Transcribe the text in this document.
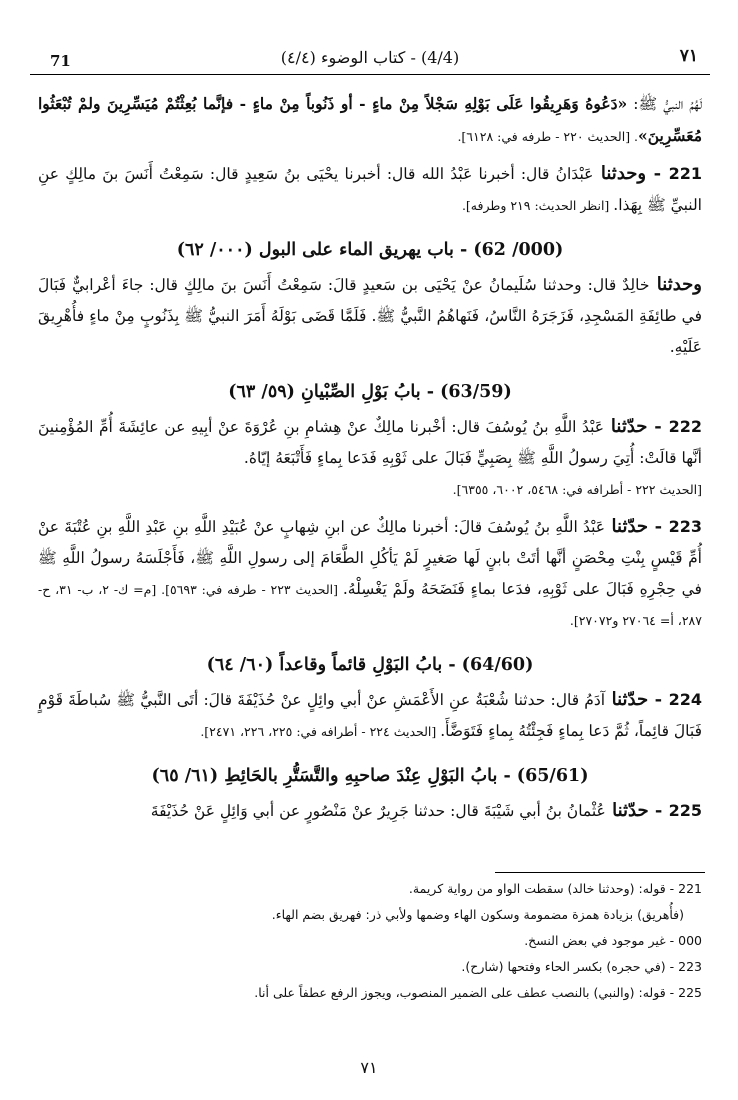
71	(4/4) - كتاب الوضوء (٤/٤)	٧١

لَهُمُ النبيُّ ﷺ: «دَعُوهُ وَهَرِيقُوا عَلَى بَوْلِهِ سَجْلاً مِنْ ماءٍ - أو ذَنُوباً مِنْ ماءٍ - فإنَّما بُعِثْتُمْ مُيَسِّرِينَ ولمْ تُبْعَثُوا مُعَسِّرِينَ». [الحديث ٢٢٠ - طرفه في: ٦١٢٨].

221 - وحدثنا عَبْدَانُ قال: أخبرنا عَبْدُ الله قال: أخبرنا يحْيَى بنُ سَعِيدٍ قال: سَمِعْتُ أَنَسَ بنَ مالِكٍ عنِ النبيِّ ﷺ بِهَذا. [انظر الحديث: ٢١٩ وطرفه].

(000/ 62) - باب يهريق الماء على البول (٠٠٠/ ٦٢)

وحدثنا خالِدٌ قال: وحدثنا سُلَيمانُ عنْ يَحْيَى بن سَعيدٍ قالَ: سَمِعْتُ أَنَسَ بنَ مالِكٍ قال: جاءَ أعْرابيٌّ فَبَالَ في طائِفَةِ المَسْجِدِ، فَزَجَرَهُ النَّاسُ، فَنَهاهُمُ النَّبيُّ ﷺ. فَلَمَّا قَضَى بَوْلَهُ أَمَرَ النبيُّ ﷺ بِذَنُوبٍ مِنْ ماءٍ فأُهْرِيقَ عَلَيْهِ.

(63/59) - بابُ بَوْلِ الصِّبْيانِ (٥٩/ ٦٣)

222 - حدّثنا عَبْدُ اللَّهِ بنُ يُوسُفَ قال: أخْبرنا مالِكٌ عنْ هِشامِ بنِ عُرْوَةَ عنْ أبِيهِ عن عائِشَةَ أُمِّ المُؤْمِنينَ أنَّها قالَتْ: أُتِيَ رسولُ اللَّهِ ﷺ بِصَبِيٍّ فَبَالَ على ثَوْبِهِ فَدَعا بِماءٍ فَأَتْبَعَهُ إيّاهُ.

[الحديث ٢٢٢ - أطرافه في: ٥٤٦٨، ٦٠٠٢، ٦٣٥٥].

223 - حدّثنا عَبْدُ اللَّهِ بنُ يُوسُفَ قالَ: أخبرنا مالِكٌ عن ابنِ شِهابٍ عنْ عُبَيْدِ اللَّهِ بنِ عَبْدِ اللَّهِ بنِ عُتْبَةَ عنْ أُمِّ قَيْسٍ بِنْتِ مِحْصَنٍ أنَّها أتَتْ بابنٍ لَها صَغيرٍ لَمْ يَأكُلِ الطَّعَامَ إلى رسولِ اللَّهِ ﷺ، فَأَجْلَسَهُ رسولُ اللَّهِ ﷺ في حِجْرِهِ فَبَالَ على ثَوْبِهِ، فدَعا بماءٍ فَنَضَحَهُ ولَمْ يَغْسِلْهُ. [الحديث ٢٢٣ - طرفه في: ٥٦٩٣]. [م= ك- ٢، ب- ٣١، ح- ٢٨٧، أ= ٢٧٠٦٤ و٢٧٠٧٢].

(64/60) - بابُ البَوْلِ قائماً وقاعداً (٦٠/ ٦٤)

224 - حدّثنا آدَمُ قال: حدثنا شُعْبَةُ عنِ الأَعْمَشِ عنْ أبي وائِلٍ عنْ حُذَيْفَةَ قالَ: أتَى النَّبيُّ ﷺ سُباطَةَ قَوْمٍ فَبَالَ قائِماً، ثُمَّ دَعا بِماءٍ فَجِئْتُهُ بِماءٍ فَتَوَضَّأَ. [الحديث ٢٢٤ - أطرافه في: ٢٢٥، ٢٢٦، ٢٤٧١].

(65/61) - بابُ البَوْلِ عِنْدَ صاحبِهِ والتَّسَتُّرِ بالحَائِطِ (٦١/ ٦٥)

225 - حدّثنا عُثْمانُ بنُ أبي شَيْبَةَ قال: حدثنا جَرِيرٌ عنْ مَنْصُورٍ عن أبي وَائِلٍ عَنْ حُذَيْفَةَ

221 - قوله: (وحدثنا خالد) سقطت الواو من رواية كريمة.

(فأُهريق) بزيادة همزة مضمومة وسكون الهاء وضمها ولأبي ذر: فهريق بضم الهاء.

000 - غير موجود في بعض النسخ.

223 - (في حجره) بكسر الحاء وفتحها (شارح).

225 - قوله: (والنبي) بالنصب عطف على الضمير المنصوب، ويجوز الرفع عطفاً على أنا.

٧١
